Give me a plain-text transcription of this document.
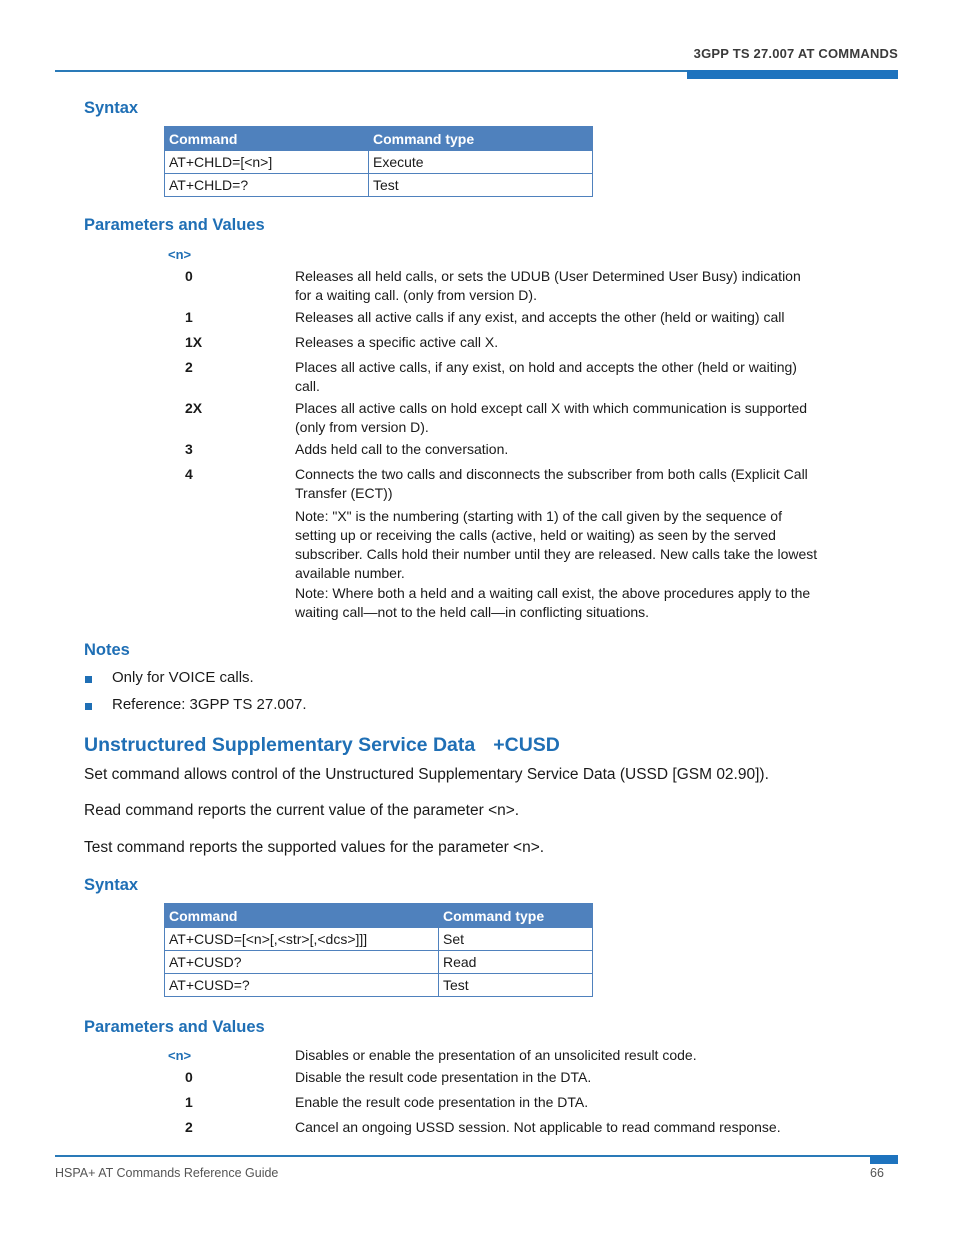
3GPP TS 27.007 AT COMMANDS
Syntax
Command	Command type
AT+CHLD=[<n>]	Execute
AT+CHLD=?	Test
Parameters and Values
<n>
0	Releases all held calls, or sets the UDUB (User Determined User Busy) indication for a waiting call. (only from version D).
1	Releases all active calls if any exist, and accepts the other (held or waiting) call
1X	Releases a specific active call X.
2	Places all active calls, if any exist, on hold and accepts the other (held or waiting) call.
2X	Places all active calls on hold except call X with which communication is supported (only from version D).
3	Adds held call to the conversation.
4	Connects the two calls and disconnects the subscriber from both calls (Explicit Call Transfer (ECT))
Note: "X" is the numbering (starting with 1) of the call given by the sequence of setting up or receiving the calls (active, held or waiting) as seen by the served subscriber. Calls hold their number until they are released. New calls take the lowest available number.
Note: Where both a held and a waiting call exist, the above procedures apply to the waiting call—not to the held call—in conflicting situations.
Notes
Only for VOICE calls.
Reference: 3GPP TS 27.007.
Unstructured Supplementary Service Data +CUSD
Set command allows control of the Unstructured Supplementary Service Data (USSD [GSM 02.90]).
Read command reports the current value of the parameter <n>.
Test command reports the supported values for the parameter <n>.
Syntax
Command	Command type
AT+CUSD=[<n>[,<str>[,<dcs>]]]	Set
AT+CUSD?	Read
AT+CUSD=?	Test
Parameters and Values
<n>	Disables or enable the presentation of an unsolicited result code.
0	Disable the result code presentation in the DTA.
1	Enable the result code presentation in the DTA.
2	Cancel an ongoing USSD session. Not applicable to read command response.
HSPA+ AT Commands Reference Guide	66
